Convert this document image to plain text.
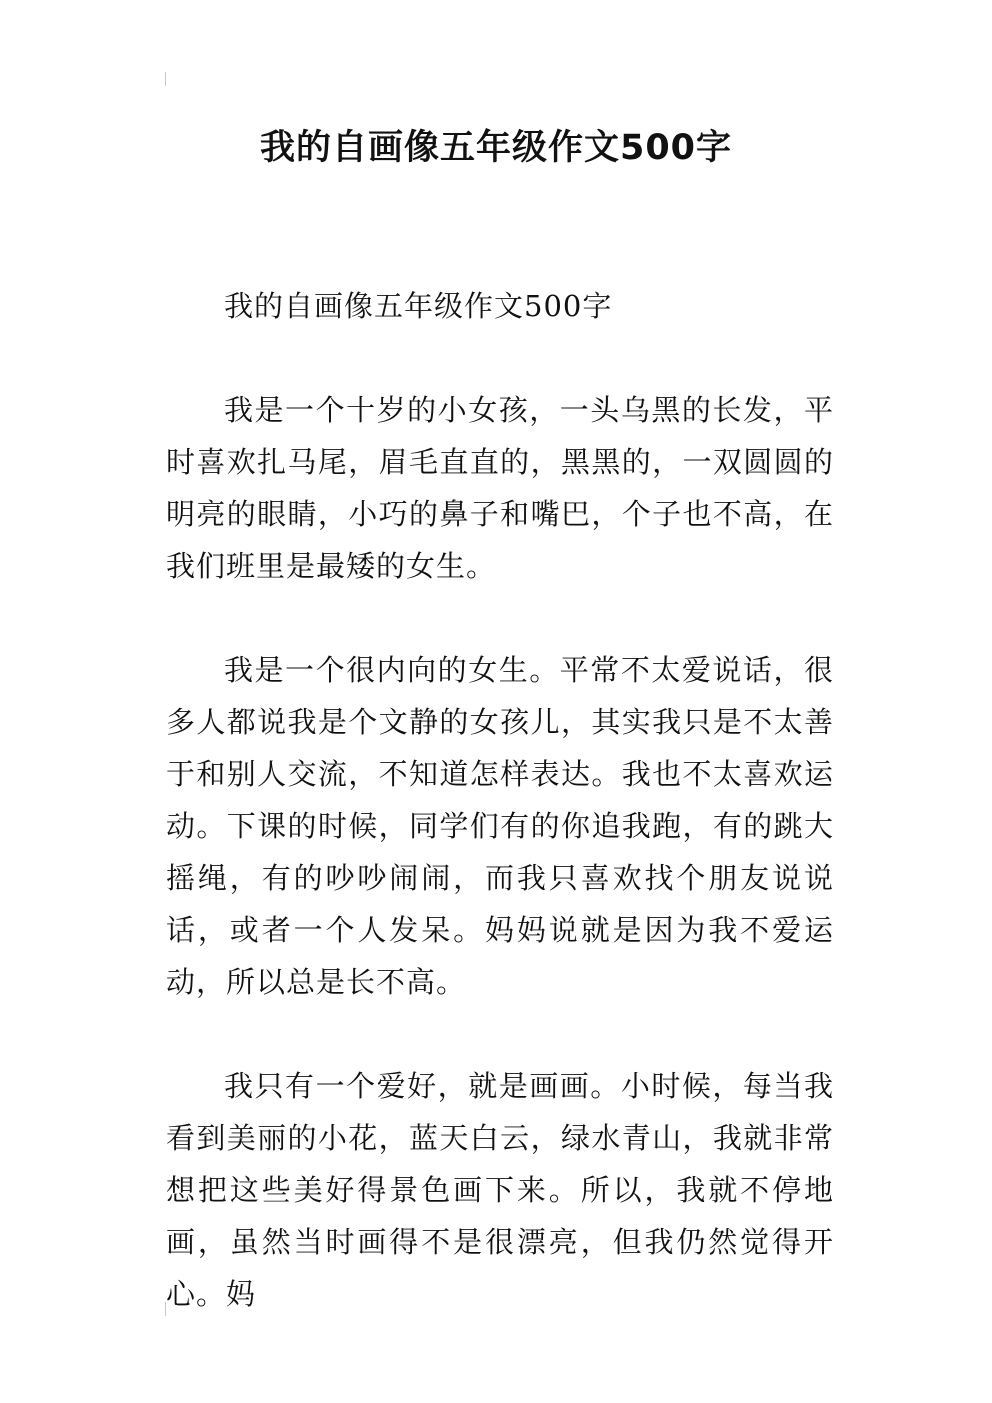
我的自画像五年级作文500字

我的自画像五年级作文500字

我是一个十岁的小女孩，一头乌黑的长发，平时喜欢扎马尾，眉毛直直的，黑黑的，一双圆圆的明亮的眼睛，小巧的鼻子和嘴巴，个子也不高，在我们班里是最矮的女生。

我是一个很内向的女生。平常不太爱说话，很多人都说我是个文静的女孩儿，其实我只是不太善于和别人交流，不知道怎样表达。我也不太喜欢运动。下课的时候，同学们有的你追我跑，有的跳大摇绳，有的吵吵闹闹，而我只喜欢找个朋友说说话，或者一个人发呆。妈妈说就是因为我不爱运动，所以总是长不高。

我只有一个爱好，就是画画。小时候，每当我看到美丽的小花，蓝天白云，绿水青山，我就非常想把这些美好得景色画下来。所以，我就不停地画，虽然当时画得不是很漂亮，但我仍然觉得开心。妈
